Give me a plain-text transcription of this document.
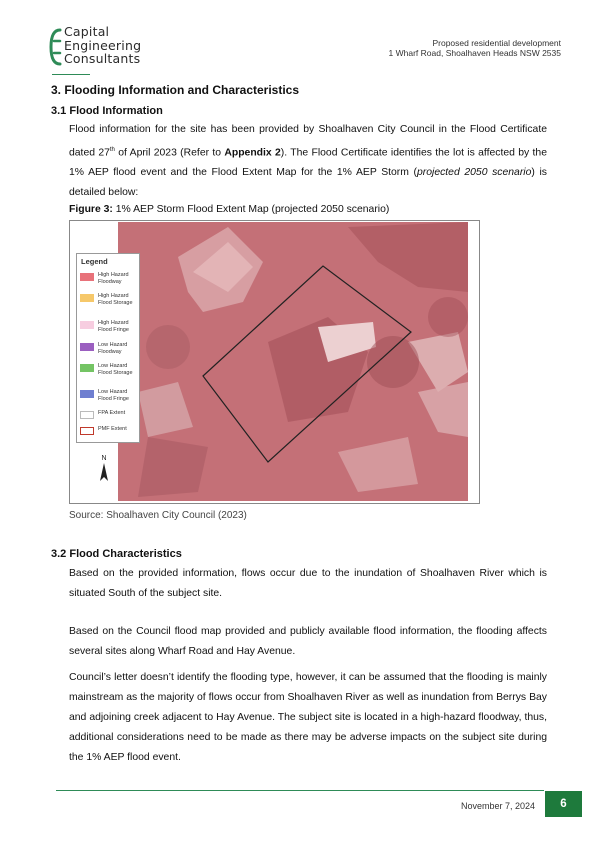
Capital
Engineering
Consultants
Proposed residential development
1 Wharf Road, Shoalhaven Heads NSW 2535
3. Flooding Information and Characteristics
3.1 Flood Information

Flood information for the site has been provided by Shoalhaven City Council in the Flood Certificate dated 27th of April 2023 (Refer to Appendix 2). The Flood Certificate identifies the lot is affected by the 1% AEP flood event and the Flood Extent Map for the 1% AEP Storm (projected 2050 scenario) is detailed below:

Figure 3: 1% AEP Storm Flood Extent Map (projected 2050 scenario)
Legend
High Hazard Floodway
High Hazard Flood Storage
High Hazard Flood Fringe
Low Hazard Floodway
Low Hazard Flood Storage
Low Hazard Flood Fringe
FPA Extent
PMF Extent
N
Source: Shoalhaven City Council (2023)
3.2 Flood Characteristics

Based on the provided information, flows occur due to the inundation of Shoalhaven River which is situated South of the subject site.

Based on the Council flood map provided and publicly available flood information, the flooding affects several sites along Wharf Road and Hay Avenue.

Council’s letter doesn’t identify the flooding type, however, it can be assumed that the flooding is mainly mainstream as the majority of flows occur from Shoalhaven River as well as inundation from Berrys Bay and adjoining creek adjacent to Hay Avenue. The subject site is located in a high-hazard floodway, thus, additional considerations need to be made as there may be adverse impacts on the subject site during the 1% AEP flood event.

November 7, 2024	6
